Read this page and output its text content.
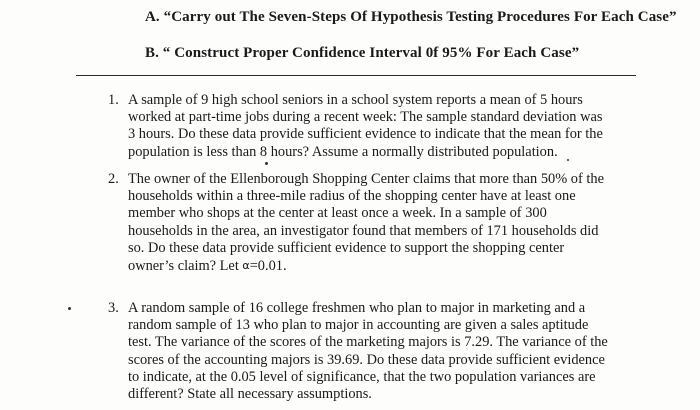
A. “Carry out The Seven-Steps Of Hypothesis Testing Procedures For Each Case”
B. “ Construct Proper Confidence Interval 0f 95% For Each Case”
1. A sample of 9 high school seniors in a school system reports a mean of 5 hours worked at part-time jobs during a recent week: The sample standard deviation was 3 hours. Do these data provide sufficient evidence to indicate that the mean for the population is less than 8 hours? Assume a normally distributed population.
2. The owner of the Ellenborough Shopping Center claims that more than 50% of the households within a three-mile radius of the shopping center have at least one member who shops at the center at least once a week. In a sample of 300 households in the area, an investigator found that members of 171 households did so. Do these data provide sufficient evidence to support the shopping center owner’s claim? Let α=0.01.
3. A random sample of 16 college freshmen who plan to major in marketing and a random sample of 13 who plan to major in accounting are given a sales aptitude test. The variance of the scores of the marketing majors is 7.29. The variance of the scores of the accounting majors is 39.69. Do these data provide sufficient evidence to indicate, at the 0.05 level of significance, that the two population variances are different? State all necessary assumptions.
